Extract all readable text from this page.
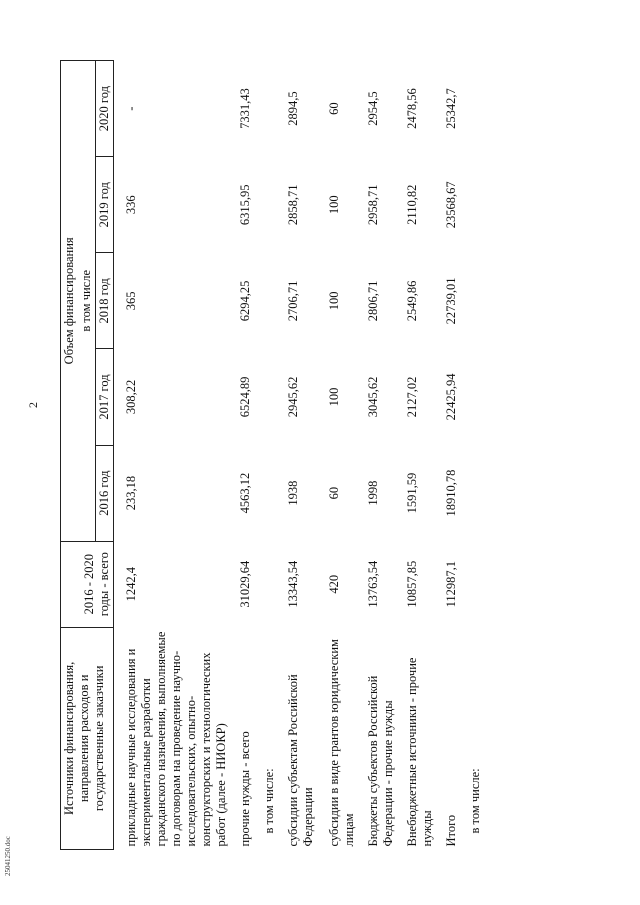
2
25041250.doc
Источники финансирования, направления расходов и государственные заказчики	2016 - 2020 годы - всего	Объем финансирования				
		в том числе				
		2016 год	2017 год	2018 год	2019 год	2020 год
прикладные научные исследования и экспериментальные разработки гражданского назначения, выполняемые по договорам на проведение научно-исследовательских, опытно-конструкторских и технологических работ (далее - НИОКР)	1242,4	233,18	308,22	365	336	-
прочие нужды - всего	31029,64	4563,12	6524,89	6294,25	6315,95	7331,43
в том числе:						
субсидии субъектам Российской Федерации	13343,54	1938	2945,62	2706,71	2858,71	2894,5
субсидии в виде грантов юридическим лицам	420	60	100	100	100	60
Бюджеты субъектов Российской Федерации - прочие нужды	13763,54	1998	3045,62	2806,71	2958,71	2954,5
Внебюджетные источники - прочие нужды	10857,85	1591,59	2127,02	2549,86	2110,82	2478,56
Итого	112987,1	18910,78	22425,94	22739,01	23568,67	25342,7
в том числе:						
